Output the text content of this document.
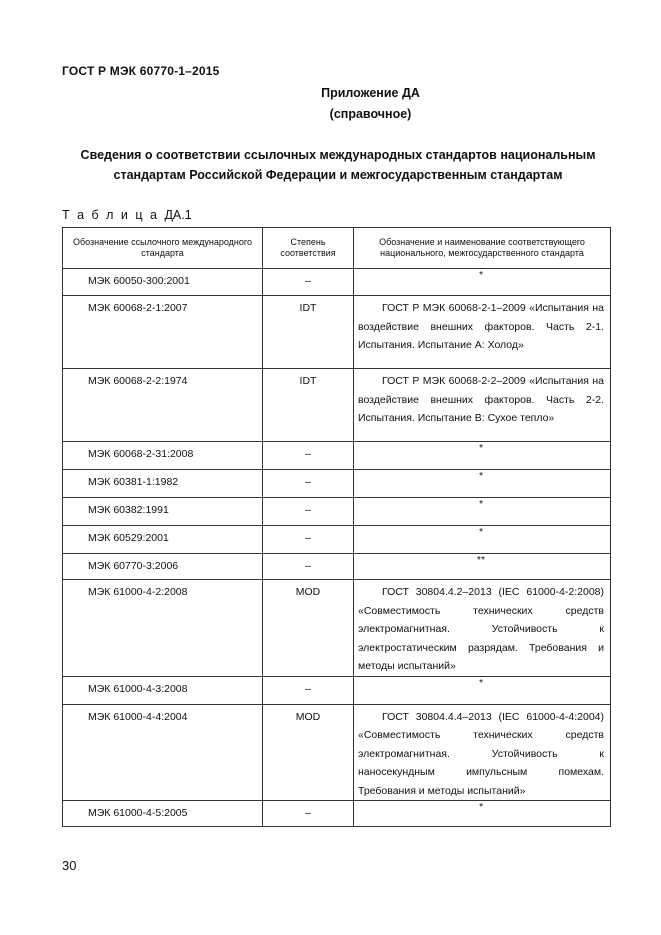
ГОСТ Р МЭК 60770-1–2015
Приложение ДА
(справочное)
Сведения о соответствии ссылочных международных стандартов национальным стандартам Российской Федерации и межгосударственным стандартам
Т а б л и ц а ДА.1
Обозначение ссылочного международного стандарта	Степень соответствия	Обозначение и наименование соответствующего национального, межгосударственного стандарта
МЭК 60050-300:2001	–	*
МЭК 60068-2-1:2007	IDT	ГОСТ Р МЭК 60068-2-1–2009 «Испытания на воздействие внешних факторов. Часть 2-1. Испытания. Испытание А: Холод»
МЭК 60068-2-2:1974	IDT	ГОСТ Р МЭК 60068-2-2–2009 «Испытания на воздействие внешних факторов. Часть 2-2. Испытания. Испытание В: Сухое тепло»
МЭК 60068-2-31:2008	–	*
МЭК 60381-1:1982	–	*
МЭК 60382:1991	–	*
МЭК 60529:2001	–	*
МЭК 60770-3:2006	–	**
МЭК 61000-4-2:2008	MOD	ГОСТ 30804.4.2–2013 (IEC 61000-4-2:2008) «Совместимость технических средств электромагнитная. Устойчивость к электростатическим разрядам. Требования и методы испытаний»
МЭК 61000-4-3:2008	–	*
МЭК 61000-4-4:2004	MOD	ГОСТ 30804.4.4–2013 (IEC 61000-4-4:2004) «Совместимость технических средств электромагнитная. Устойчивость к наносекундным импульсным помехам. Требования и методы испытаний»
МЭК 61000-4-5:2005	–	*
30
